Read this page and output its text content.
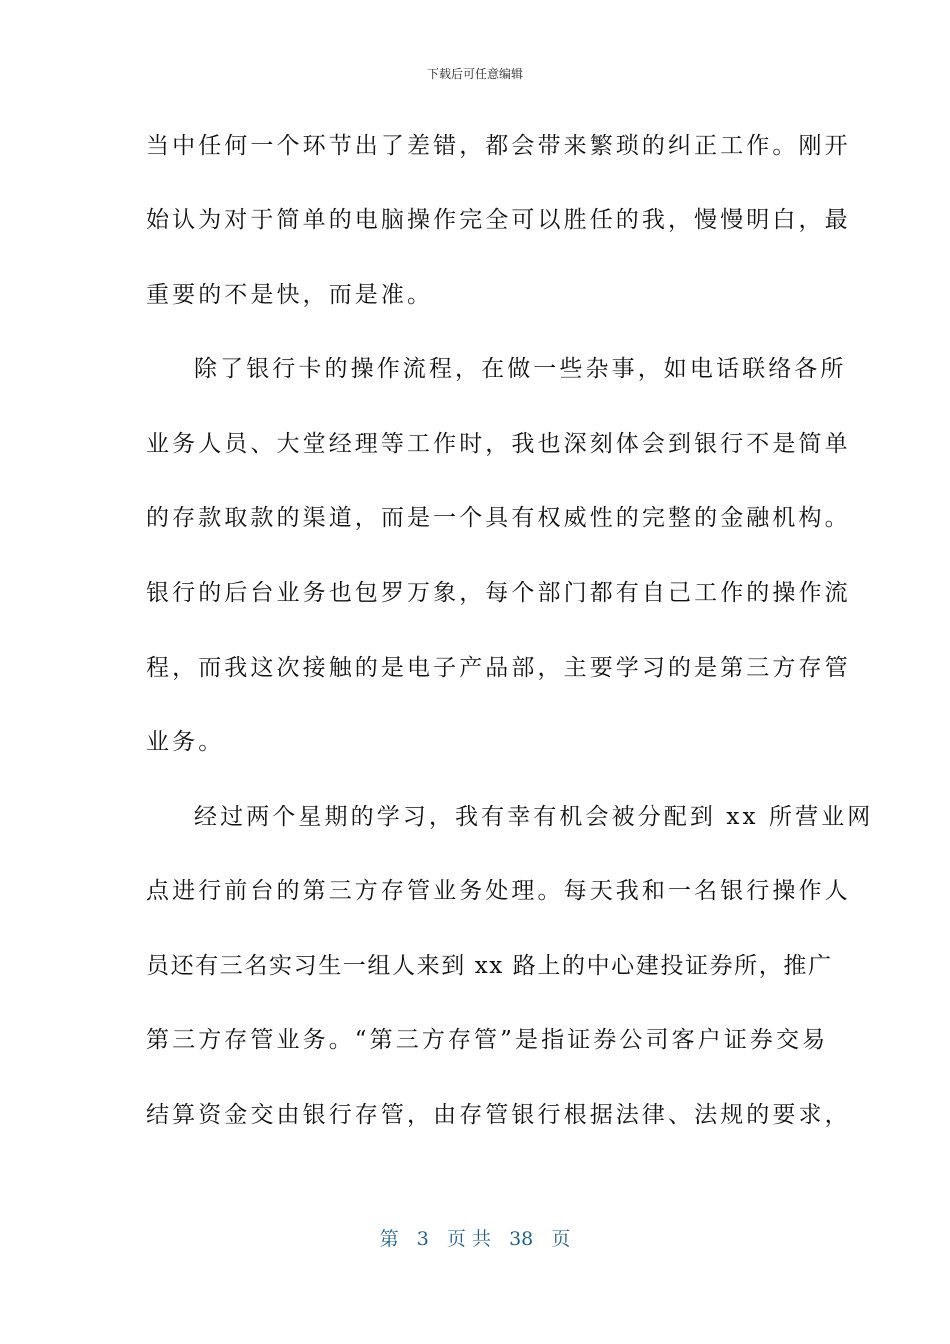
下载后可任意编辑
当中任何一个环节出了差错，都会带来繁琐的纠正工作。刚开
始认为对于简单的电脑操作完全可以胜任的我，慢慢明白，最
重要的不是快，而是准。
除了银行卡的操作流程，在做一些杂事，如电话联络各所
业务人员、大堂经理等工作时，我也深刻体会到银行不是简单
的存款取款的渠道，而是一个具有权威性的完整的金融机构。
银行的后台业务也包罗万象，每个部门都有自己工作的操作流
程，而我这次接触的是电子产品部，主要学习的是第三方存管
业务。
经过两个星期的学习，我有幸有机会被分配到 xx 所营业网
点进行前台的第三方存管业务处理。每天我和一名银行操作人
员还有三名实习生一组人来到 xx 路上的中心建投证券所，推广
第三方存管业务。“第三方存管”是指证券公司客户证券交易
结算资金交由银行存管，由存管银行根据法律、法规的要求，
第   3   页 共   38   页
